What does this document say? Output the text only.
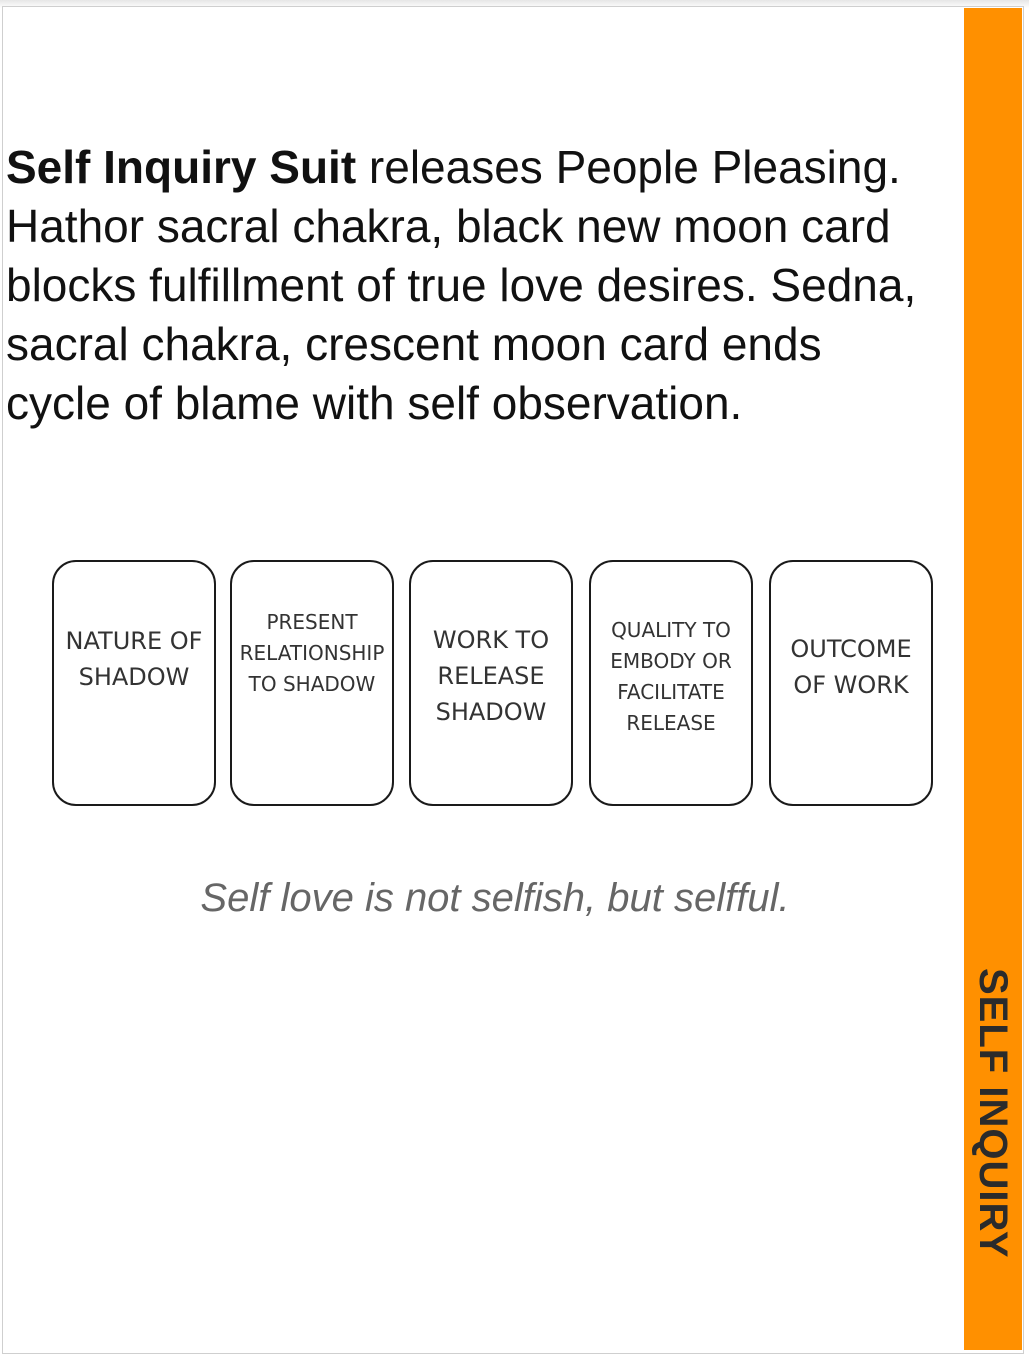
SELF INQUIRY

Self Inquiry Suit releases People Pleasing. Hathor sacral chakra, black new moon card blocks fulfillment of true love desires. Sedna, sacral chakra, crescent moon card ends cycle of blame with self observation.

NATURE OF
SHADOW
PRESENT
RELATIONSHIP
TO SHADOW
WORK TO
RELEASE
SHADOW
QUALITY TO
EMBODY OR
FACILITATE
RELEASE
OUTCOME
OF WORK
Self love is not selfish, but selfful.
